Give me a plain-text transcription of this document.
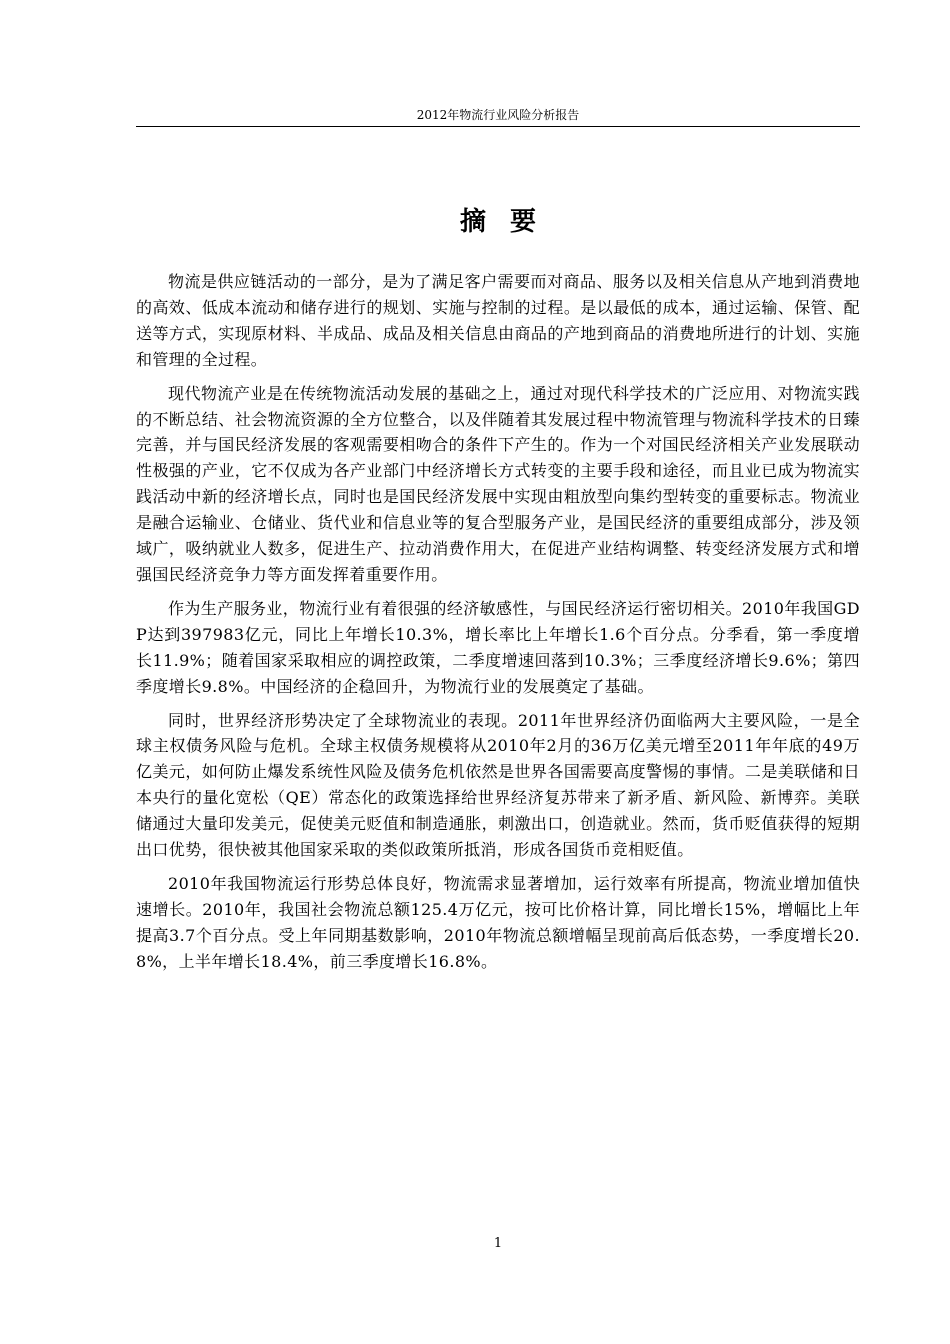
2012年物流行业风险分析报告
摘要

物流是供应链活动的一部分，是为了满足客户需要而对商品、服务以及相关信息从产地到消费地的高效、低成本流动和储存进行的规划、实施与控制的过程。是以最低的成本，通过运输、保管、配送等方式，实现原材料、半成品、成品及相关信息由商品的产地到商品的消费地所进行的计划、实施和管理的全过程。

现代物流产业是在传统物流活动发展的基础之上，通过对现代科学技术的广泛应用、对物流实践的不断总结、社会物流资源的全方位整合，以及伴随着其发展过程中物流管理与物流科学技术的日臻完善，并与国民经济发展的客观需要相吻合的条件下产生的。作为一个对国民经济相关产业发展联动性极强的产业，它不仅成为各产业部门中经济增长方式转变的主要手段和途径，而且业已成为物流实践活动中新的经济增长点，同时也是国民经济发展中实现由粗放型向集约型转变的重要标志。物流业是融合运输业、仓储业、货代业和信息业等的复合型服务产业，是国民经济的重要组成部分，涉及领域广，吸纳就业人数多，促进生产、拉动消费作用大，在促进产业结构调整、转变经济发展方式和增强国民经济竞争力等方面发挥着重要作用。

作为生产服务业，物流行业有着很强的经济敏感性，与国民经济运行密切相关。2010年我国GDP达到397983亿元，同比上年增长10.3%，增长率比上年增长1.6个百分点。分季看，第一季度增长11.9%；随着国家采取相应的调控政策，二季度增速回落到10.3%；三季度经济增长9.6%；第四季度增长9.8%。中国经济的企稳回升，为物流行业的发展奠定了基础。

同时，世界经济形势决定了全球物流业的表现。2011年世界经济仍面临两大主要风险，一是全球主权债务风险与危机。全球主权债务规模将从2010年2月的36万亿美元增至2011年年底的49万亿美元，如何防止爆发系统性风险及债务危机依然是世界各国需要高度警惕的事情。二是美联储和日本央行的量化宽松（QE）常态化的政策选择给世界经济复苏带来了新矛盾、新风险、新博弈。美联储通过大量印发美元，促使美元贬值和制造通胀，刺激出口，创造就业。然而，货币贬值获得的短期出口优势，很快被其他国家采取的类似政策所抵消，形成各国货币竞相贬值。

2010年我国物流运行形势总体良好，物流需求显著增加，运行效率有所提高，物流业增加值快速增长。2010年，我国社会物流总额125.4万亿元，按可比价格计算，同比增长15%，增幅比上年提高3.7个百分点。受上年同期基数影响，2010年物流总额增幅呈现前高后低态势，一季度增长20.8%，上半年增长18.4%，前三季度增长16.8%。

1
